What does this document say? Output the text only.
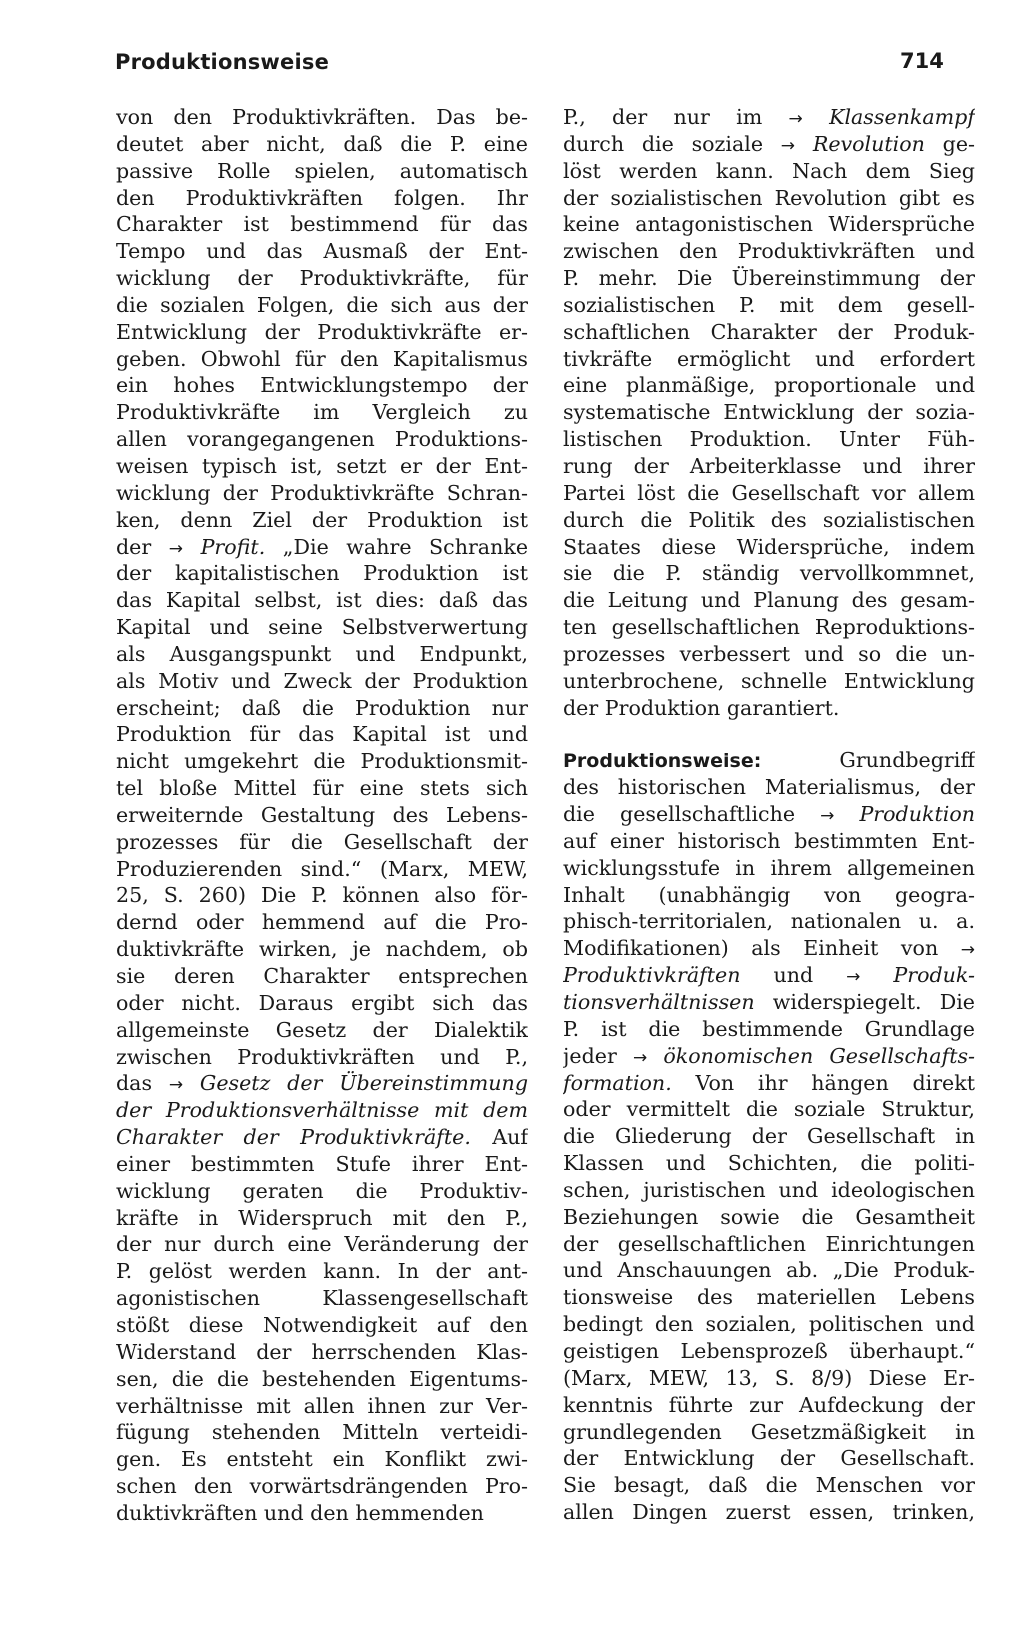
Produktionsweise	714
von den Produktivkräften. Das be-
deutet aber nicht, daß die P. eine
passive Rolle spielen, automatisch
den Produktivkräften folgen. Ihr
Charakter ist bestimmend für das
Tempo und das Ausmaß der Ent-
wicklung der Produktivkräfte, für
die sozialen Folgen, die sich aus der
Entwicklung der Produktivkräfte er-
geben. Obwohl für den Kapitalismus
ein hohes Entwicklungstempo der
Produktivkräfte im Vergleich zu
allen vorangegangenen Produktions-
weisen typisch ist, setzt er der Ent-
wicklung der Produktivkräfte Schran-
ken, denn Ziel der Produktion ist
der → Profit. „Die wahre Schranke
der kapitalistischen Produktion ist
das Kapital selbst, ist dies: daß das
Kapital und seine Selbstverwertung
als Ausgangspunkt und Endpunkt,
als Motiv und Zweck der Produktion
erscheint; daß die Produktion nur
Produktion für das Kapital ist und
nicht umgekehrt die Produktionsmit-
tel bloße Mittel für eine stets sich
erweiternde Gestaltung des Lebens-
prozesses für die Gesellschaft der
Produzierenden sind.“ (Marx, MEW,
25, S. 260) Die P. können also för-
dernd oder hemmend auf die Pro-
duktivkräfte wirken, je nachdem, ob
sie deren Charakter entsprechen
oder nicht. Daraus ergibt sich das
allgemeinste Gesetz der Dialektik
zwischen Produktivkräften und P.,
das → Gesetz der Übereinstimmung
der Produktionsverhältnisse mit dem
Charakter der Produktivkräfte. Auf
einer bestimmten Stufe ihrer Ent-
wicklung geraten die Produktiv-
kräfte in Widerspruch mit den P.,
der nur durch eine Veränderung der
P. gelöst werden kann. In der ant-
agonistischen Klassengesellschaft
stößt diese Notwendigkeit auf den
Widerstand der herrschenden Klas-
sen, die die bestehenden Eigentums-
verhältnisse mit allen ihnen zur Ver-
fügung stehenden Mitteln verteidi-
gen. Es entsteht ein Konflikt zwi-
schen den vorwärtsdrängenden Pro-
duktivkräften und den hemmenden
P., der nur im → Klassenkampf
durch die soziale → Revolution ge-
löst werden kann. Nach dem Sieg
der sozialistischen Revolution gibt es
keine antagonistischen Widersprüche
zwischen den Produktivkräften und
P. mehr. Die Übereinstimmung der
sozialistischen P. mit dem gesell-
schaftlichen Charakter der Produk-
tivkräfte ermöglicht und erfordert
eine planmäßige, proportionale und
systematische Entwicklung der sozia-
listischen Produktion. Unter Füh-
rung der Arbeiterklasse und ihrer
Partei löst die Gesellschaft vor allem
durch die Politik des sozialistischen
Staates diese Widersprüche, indem
sie die P. ständig vervollkommnet,
die Leitung und Planung des gesam-
ten gesellschaftlichen Reproduktions-
prozesses verbessert und so die un-
unterbrochene, schnelle Entwicklung
der Produktion garantiert.
Produktionsweise: Grundbegriff
des historischen Materialismus, der
die gesellschaftliche → Produktion
auf einer historisch bestimmten Ent-
wicklungsstufe in ihrem allgemeinen
Inhalt (unabhängig von geogra-
phisch-territorialen, nationalen u. a.
Modifikationen) als Einheit von →
Produktivkräften und → Produk-
tionsverhältnissen widerspiegelt. Die
P. ist die bestimmende Grundlage
jeder → ökonomischen Gesellschafts-
formation. Von ihr hängen direkt
oder vermittelt die soziale Struktur,
die Gliederung der Gesellschaft in
Klassen und Schichten, die politi-
schen, juristischen und ideologischen
Beziehungen sowie die Gesamtheit
der gesellschaftlichen Einrichtungen
und Anschauungen ab. „Die Produk-
tionsweise des materiellen Lebens
bedingt den sozialen, politischen und
geistigen Lebensprozeß überhaupt.“
(Marx, MEW, 13, S. 8/9) Diese Er-
kenntnis führte zur Aufdeckung der
grundlegenden Gesetzmäßigkeit in
der Entwicklung der Gesellschaft.
Sie besagt, daß die Menschen vor
allen Dingen zuerst essen, trinken,
